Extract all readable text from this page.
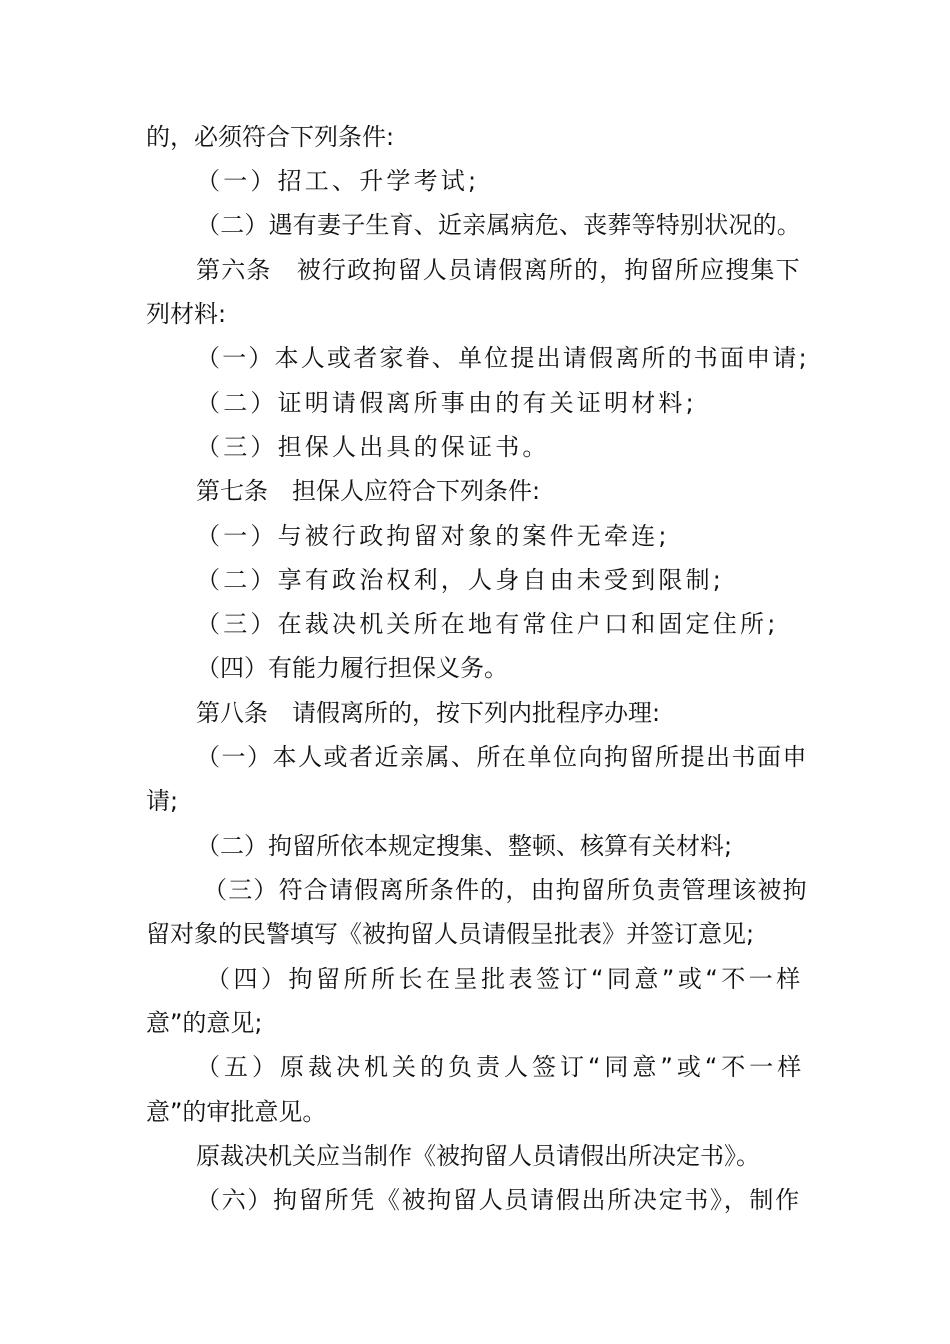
的，必须符合下列条件:
（一）招工、升学考试;
（二）遇有妻子生育、近亲属病危、丧葬等特别状况的。
第六条　被行政拘留人员请假离所的，拘留所应搜集下
列材料:
（一）本人或者家眷、单位提出请假离所的书面申请;
（二）证明请假离所事由的有关证明材料;
（三）担保人出具的保证书。
第七条　担保人应符合下列条件:
（一）与被行政拘留对象的案件无牵连;
（二）享有政治权利，人身自由未受到限制;
（三）在裁决机关所在地有常住户口和固定住所;
（四）有能力履行担保义务。
第八条　请假离所的，按下列内批程序办理:
（一）本人或者近亲属、所在单位向拘留所提出书面申
请;
（二）拘留所依本规定搜集、整顿、核算有关材料;
（三）符合请假离所条件的，由拘留所负责管理该被拘
留对象的民警填写《被拘留人员请假呈批表》并签订意见;
（四）拘留所所长在呈批表签订“同意”或“不一样
意”的意见;
（五）原裁决机关的负责人签订“同意”或“不一样
意”的审批意见。
原裁决机关应当制作《被拘留人员请假出所决定书》。
（六）拘留所凭《被拘留人员请假出所决定书》，制作
